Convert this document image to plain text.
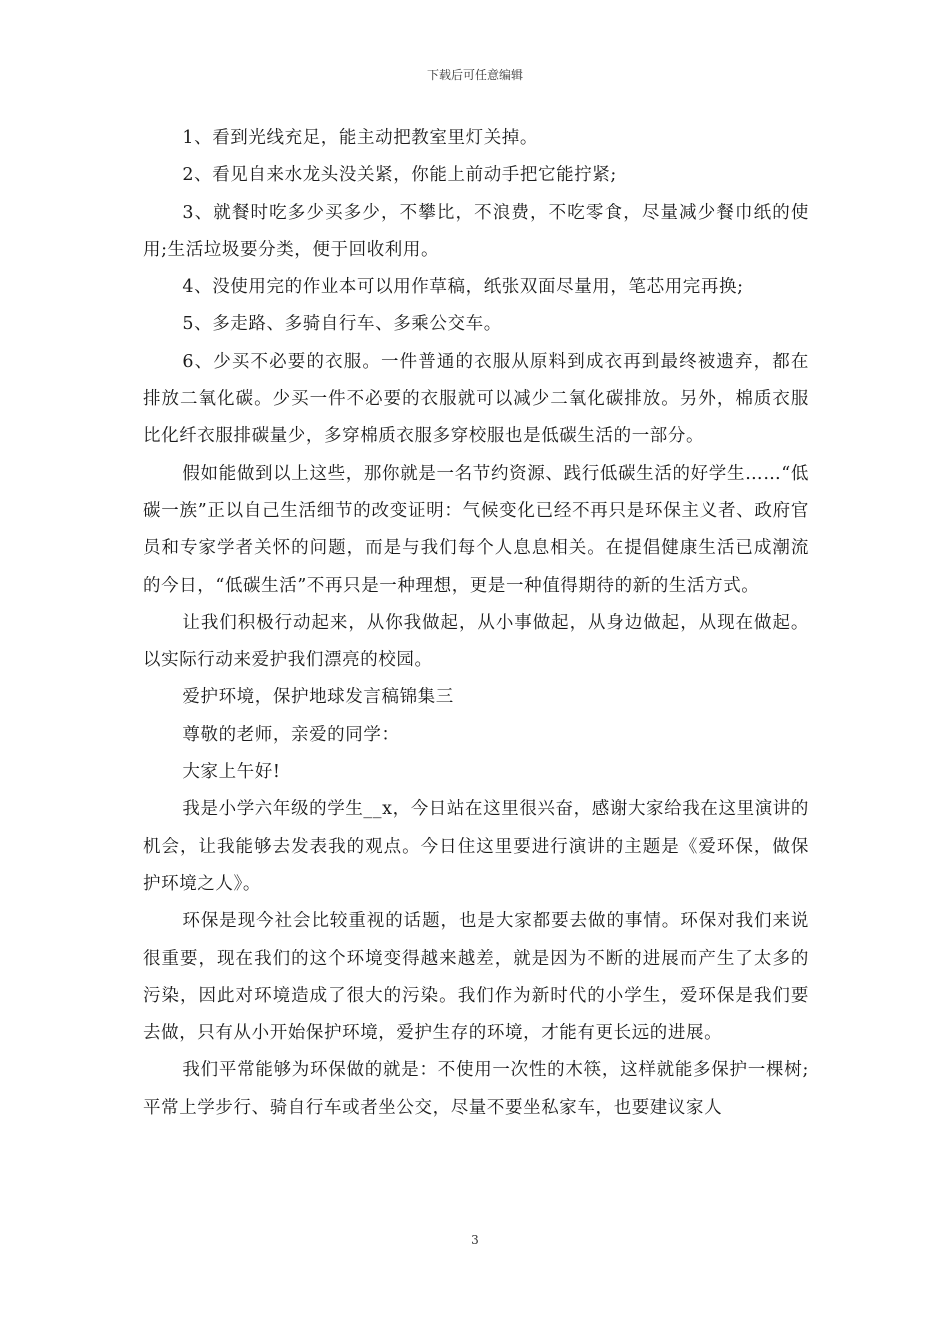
下载后可任意编辑

1、看到光线充足，能主动把教室里灯关掉。

2、看见自来水龙头没关紧，你能上前动手把它能拧紧;

3、就餐时吃多少买多少，不攀比，不浪费，不吃零食，尽量减少餐巾纸的使用;生活垃圾要分类，便于回收利用。

4、没使用完的作业本可以用作草稿，纸张双面尽量用，笔芯用完再换;

5、多走路、多骑自行车、多乘公交车。

6、少买不必要的衣服。一件普通的衣服从原料到成衣再到最终被遗弃，都在排放二氧化碳。少买一件不必要的衣服就可以减少二氧化碳排放。另外，棉质衣服比化纤衣服排碳量少，多穿棉质衣服多穿校服也是低碳生活的一部分。

假如能做到以上这些，那你就是一名节约资源、践行低碳生活的好学生……“低碳一族”正以自己生活细节的改变证明：气候变化已经不再只是环保主义者、政府官员和专家学者关怀的问题，而是与我们每个人息息相关。在提倡健康生活已成潮流的今日，“低碳生活”不再只是一种理想，更是一种值得期待的新的生活方式。

让我们积极行动起来，从你我做起，从小事做起，从身边做起，从现在做起。以实际行动来爱护我们漂亮的校园。

爱护环境，保护地球发言稿锦集三

尊敬的老师，亲爱的同学：

大家上午好!

我是小学六年级的学生__x，今日站在这里很兴奋，感谢大家给我在这里演讲的机会，让我能够去发表我的观点。今日住这里要进行演讲的主题是《爱环保，做保护环境之人》。

环保是现今社会比较重视的话题，也是大家都要去做的事情。环保对我们来说很重要，现在我们的这个环境变得越来越差，就是因为不断的进展而产生了太多的污染，因此对环境造成了很大的污染。我们作为新时代的小学生，爱环保是我们要去做，只有从小开始保护环境，爱护生存的环境，才能有更长远的进展。

我们平常能够为环保做的就是：不使用一次性的木筷，这样就能多保护一棵树;平常上学步行、骑自行车或者坐公交，尽量不要坐私家车，也要建议家人

3
